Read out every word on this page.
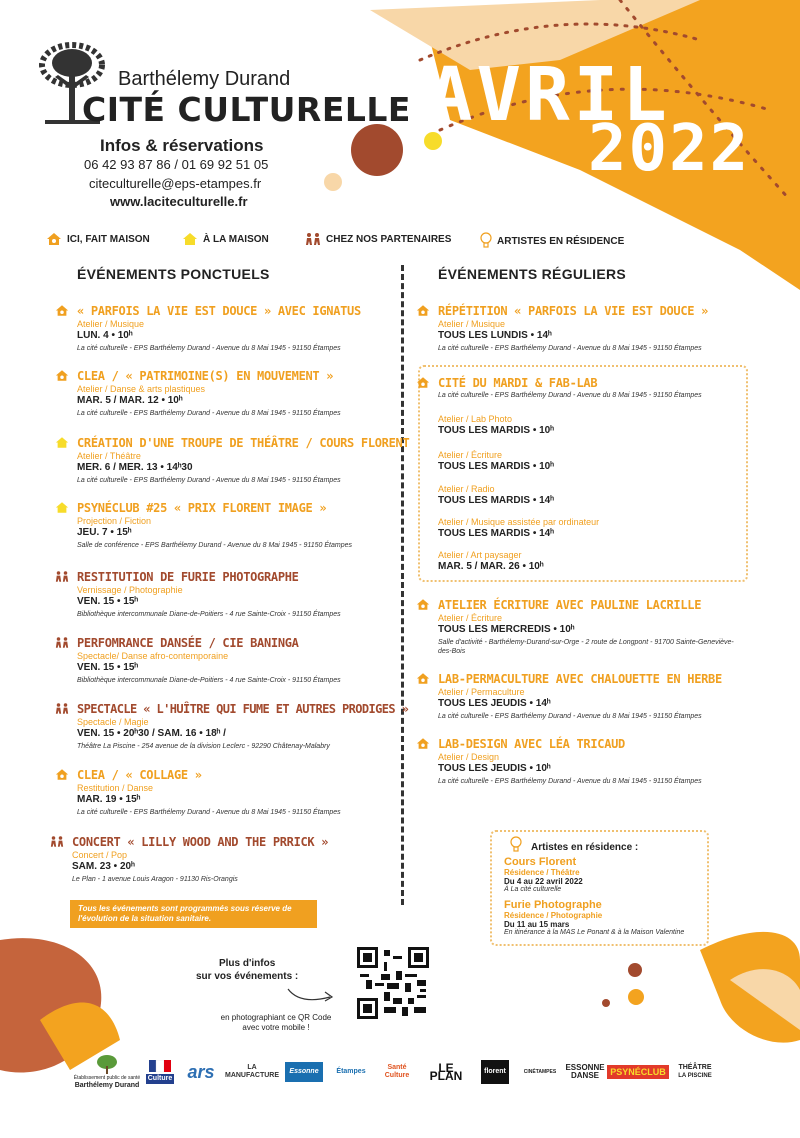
Barthélemy Durand
CITÉ CULTURELLE
Infos & réservations
06 42 93 87 86 / 01 69 92 51 05
citeculturelle@eps-etampes.fr
www.laciteculturelle.fr
AVRIL
2022
ICI, FAIT MAISON	À LA MAISON	CHEZ NOS PARTENAIRES	ARTISTES EN RÉSIDENCE
ÉVÉNEMENTS PONCTUELS	ÉVÉNEMENTS RÉGULIERS
« PARFOIS LA VIE EST DOUCE » AVEC IGNATUS
Atelier / Musique
LUN. 4 • 10ʰ
La cité culturelle - EPS Barthélemy Durand - Avenue du 8 Mai 1945 - 91150 Étampes
CLEA / « PATRIMOINE(S) EN MOUVEMENT »
Atelier / Danse & arts plastiques
MAR. 5 / MAR. 12 • 10ʰ
La cité culturelle - EPS Barthélemy Durand - Avenue du 8 Mai 1945 - 91150 Étampes
CRÉATION D'UNE TROUPE DE THÉÂTRE / COURS FLORENT
Atelier / Théâtre
MER. 6 / MER. 13 • 14ʰ30
La cité culturelle - EPS Barthélemy Durand - Avenue du 8 Mai 1945 - 91150 Étampes
PSYNÉCLUB #25 « PRIX FLORENT IMAGE »
Projection / Fiction
JEU. 7 • 15ʰ
Salle de conférence - EPS Barthélemy Durand - Avenue du 8 Mai 1945 - 91150 Étampes
RESTITUTION DE FURIE PHOTOGRAPHE
Vernissage / Photographie
VEN. 15 • 15ʰ
Bibliothèque intercommunale Diane-de-Poitiers - 4 rue Sainte-Croix - 91150 Étampes
PERFOMRANCE DANSÉE / CIE BANINGA
Spectacle/ Danse afro-contemporaine
VEN. 15 • 15ʰ
Bibliothèque intercommunale Diane-de-Poitiers - 4 rue Sainte-Croix - 91150 Étampes
SPECTACLE « L'HUÎTRE QUI FUME ET AUTRES PRODIGES »
Spectacle / Magie
VEN. 15 • 20ʰ30 / SAM. 16 • 18ʰ /
Théâtre La Piscine - 254 avenue de la division Leclerc - 92290 Châtenay-Malabry
CLEA / « COLLAGE »
Restitution / Danse
MAR. 19 • 15ʰ
La cité culturelle - EPS Barthélemy Durand - Avenue du 8 Mai 1945 - 91150 Étampes
CONCERT « LILLY WOOD AND THE PRRICK »
Concert / Pop
SAM. 23 • 20ʰ
Le Plan - 1 avenue Louis Aragon - 91130 Ris-Orangis
Tous les événements sont programmés sous réserve de l'évolution de la situation sanitaire.
RÉPÉTITION « PARFOIS LA VIE EST DOUCE »
Atelier / Musique
TOUS LES LUNDIS • 14ʰ
La cité culturelle - EPS Barthélemy Durand - Avenue du 8 Mai 1945 - 91150 Étampes
CITÉ DU MARDI & FAB-LAB
La cité culturelle - EPS Barthélemy Durand - Avenue du 8 Mai 1945 - 91150 Étampes
Atelier / Lab Photo
TOUS LES MARDIS • 10ʰ
Atelier / Écriture
TOUS LES MARDIS • 10ʰ
Atelier / Radio
TOUS LES MARDIS • 14ʰ
Atelier / Musique assistée par ordinateur
TOUS LES MARDIS • 14ʰ
Atelier / Art paysager
MAR. 5 / MAR. 26 • 10ʰ
ATELIER ÉCRITURE AVEC PAULINE LACRILLE
Atelier / Écriture
TOUS LES MERCREDIS • 10ʰ
Salle d'activité - Barthélemy-Durand-sur-Orge - 2 route de Longpont - 91700 Sainte-Geneviève-des-Bois
LAB-PERMACULTURE AVEC CHALOUETTE EN HERBE
Atelier / Permaculture
TOUS LES JEUDIS • 14ʰ
La cité culturelle - EPS Barthélemy Durand - Avenue du 8 Mai 1945 - 91150 Étampes
LAB-DESIGN AVEC LÉA TRICAUD
Atelier / Design
TOUS LES JEUDIS • 10ʰ
La cité culturelle - EPS Barthélemy Durand - Avenue du 8 Mai 1945 - 91150 Étampes
Artistes en résidence :
Cours Florent
Résidence / Théâtre
Du 4 au 22 avril 2022
À La cité culturelle
Furie Photographe
Résidence / Photographie
Du 11 au 15 mars
En itinérance à la MAS Le Ponant & à la Maison Valentine
Plus d'infos
sur vos événements :
en photographiant ce QR Code
avec votre mobile !
Établissement public de santé
Barthélemy Durand
Culture ars	LA MANUFACTURE
Essonne	Étampes
Santé
Culture
LE PLAN	florent	CINÉTAMPES ESSONNE
DANSE	PSYNÉCLUB	THÉÂTRE
LA PISCINE
